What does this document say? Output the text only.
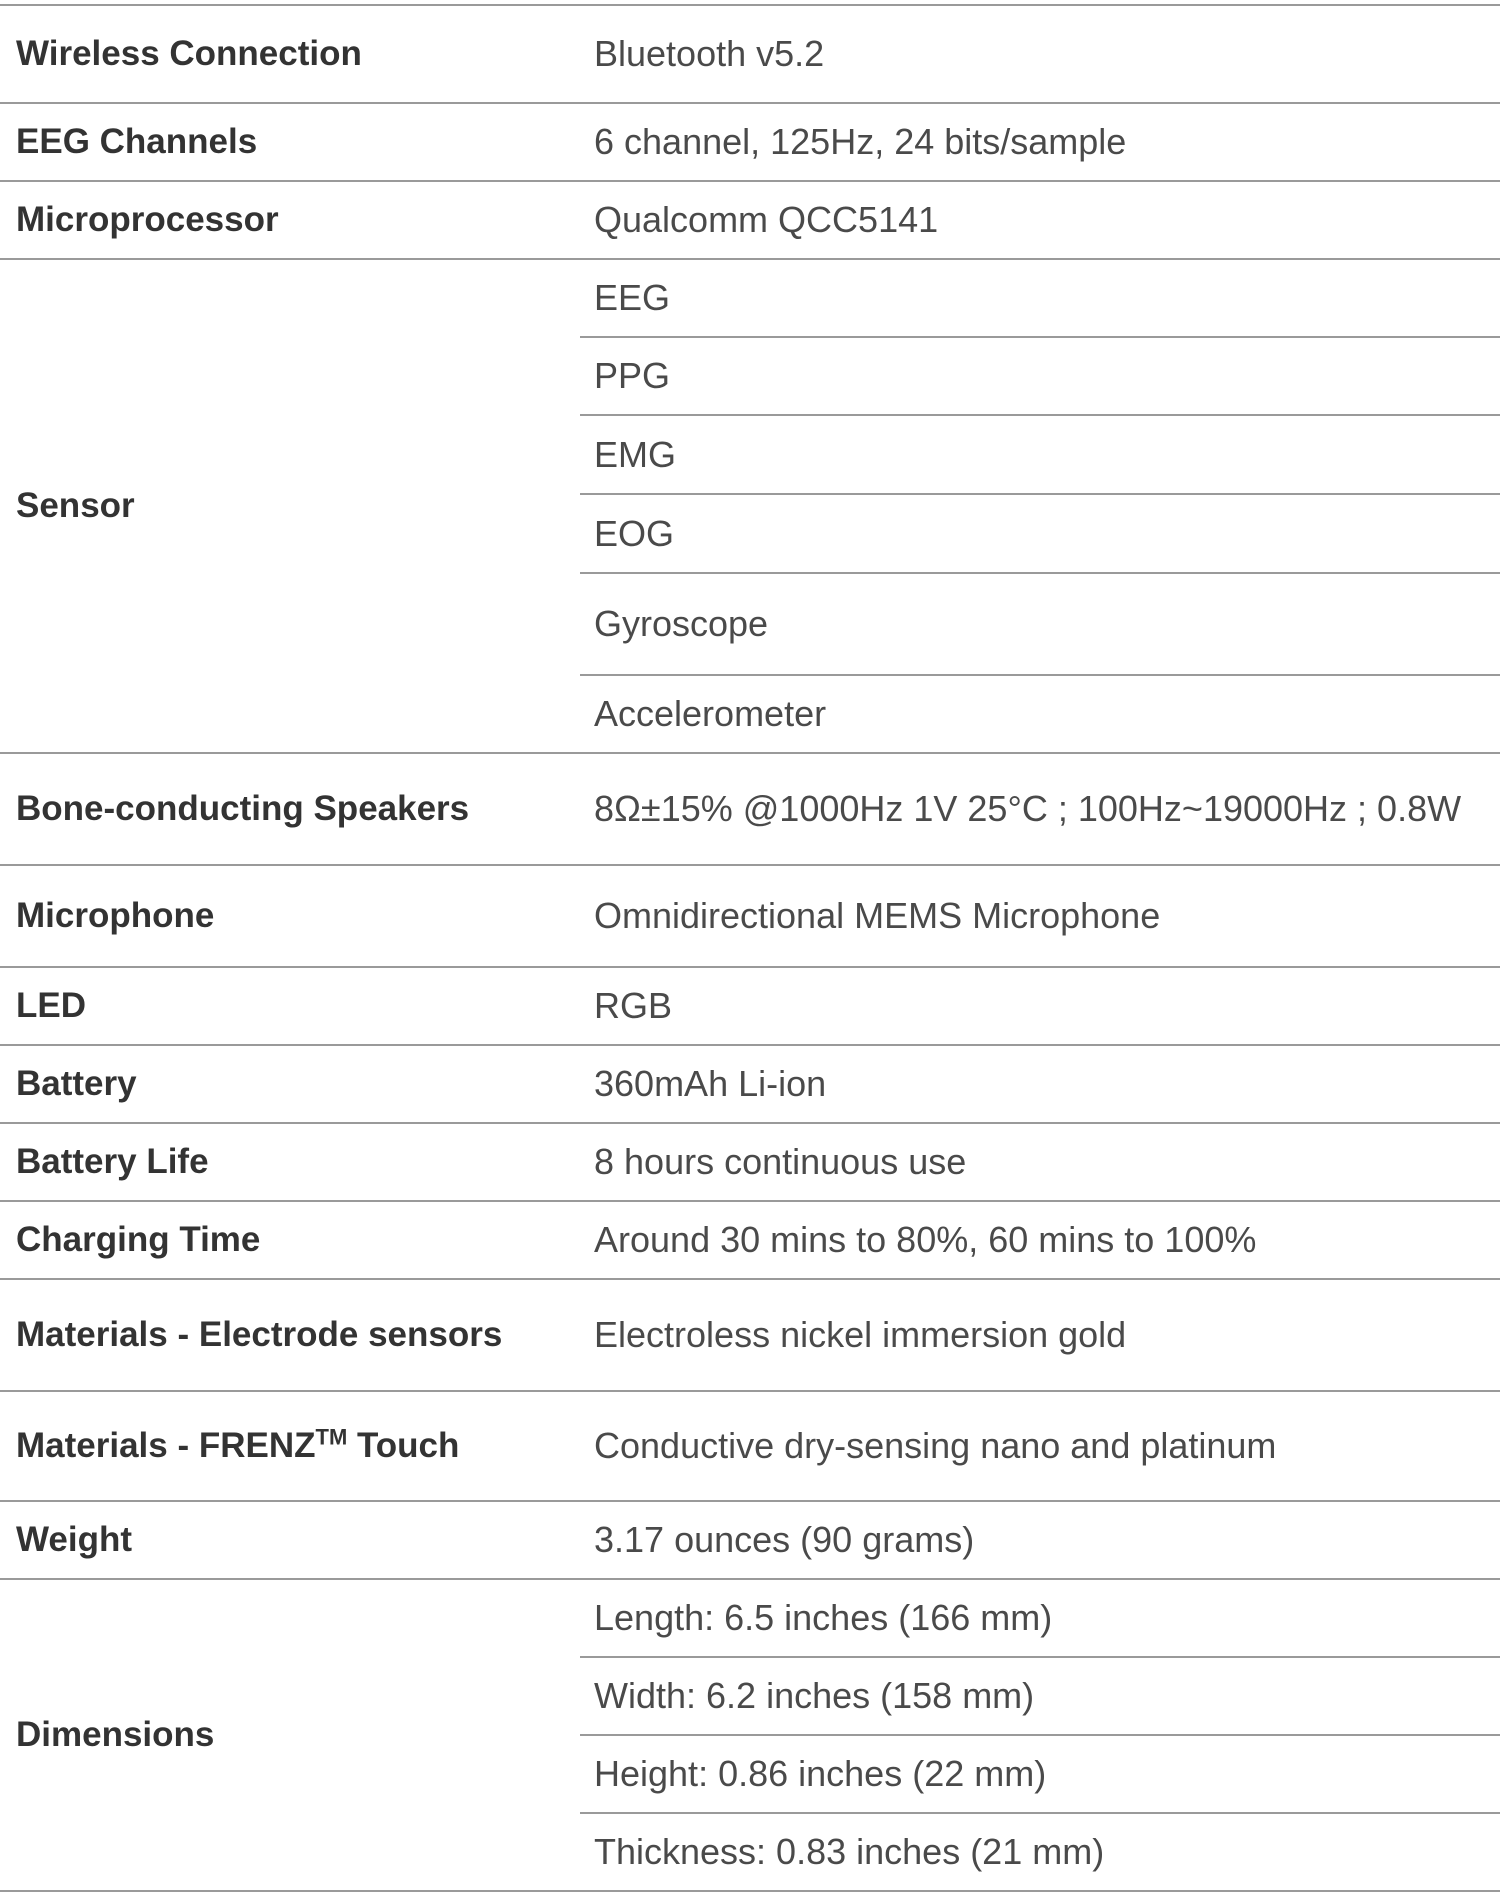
Wireless Connection	Bluetooth v5.2
EEG Channels	6 channel, 125Hz, 24 bits/sample
Microprocessor	Qualcomm QCC5141
Sensor	EEG
	PPG
	EMG
	EOG
	Gyroscope
	Accelerometer
Bone-conducting Speakers	8Ω±15% @1000Hz 1V 25°C ; 100Hz~19000Hz ; 0.8W
Microphone	Omnidirectional MEMS Microphone
LED	RGB
Battery	360mAh Li-ion
Battery Life	8 hours continuous use
Charging Time	Around 30 mins to 80%, 60 mins to 100%
Materials - Electrode sensors	Electroless nickel immersion gold
Materials - FRENZ™ Touch	Conductive dry-sensing nano and platinum
Weight	3.17 ounces (90 grams)
Dimensions	Length: 6.5 inches (166 mm)
	Width: 6.2 inches (158 mm)
	Height: 0.86 inches (22 mm)
	Thickness: 0.83 inches (21 mm)
